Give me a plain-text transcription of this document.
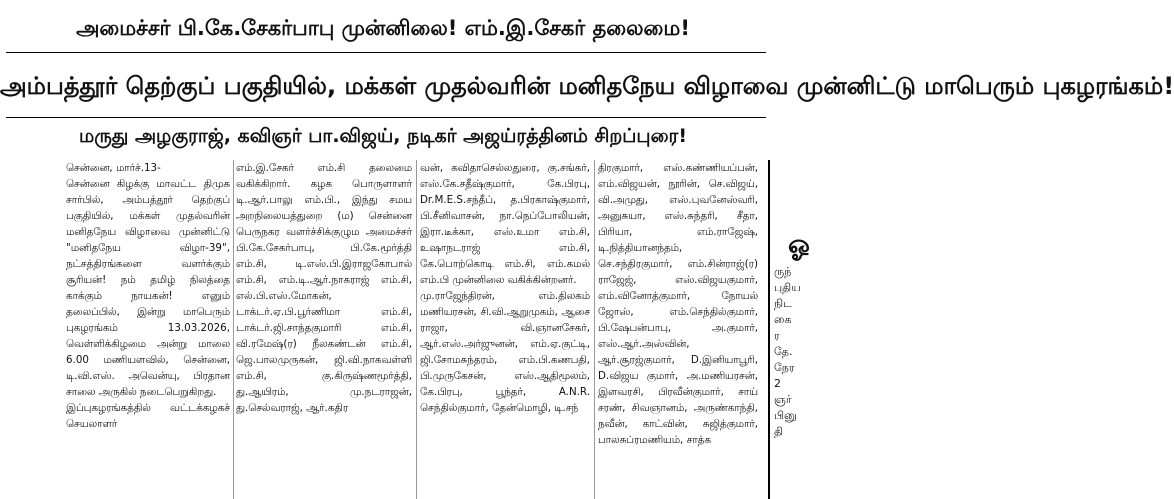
அமைச்சர் பி.கே.சேகர்பாபு முன்னிலை! எம்.இ.சேகர் தலைமை!
அம்பத்தூர் தெற்குப் பகுதியில், மக்கள் முதல்வரின் மனிதநேய விழாவை முன்னிட்டு மாபெரும் புகழரங்கம்!
மருது அழகுராஜ், கவிஞர் பா.விஜய், நடிகர் அஜய்ரத்தினம் சிறப்புரை!

சென்னை, மார்ச்.13-

சென்னை கிழக்கு மாவட்ட திமுக சார்பில், அம்பத்தூர் தெற்குப் பகுதியில், மக்கள் முதல்வரின் மனிதநேய விழாவை முன்னிட்டு "மனிதநேய விழா-39", நட்சத்திரங்களை வளர்க்கும் சூரியன்! நம் தமிழ் நிலத்தை காக்கும் நாயகன்! எனும் தலைப்பில், இன்று மாபெரும் புகழரங்கம் 13.03.2026, வெள்ளிக்கிழமை அன்று மாலை 6.00 மணியளவில், சென்னை, டி.வி.எஸ். அவென்யு, பிரதான சாலை அருகில் நடைபெறுகிறது.

இப்புகழரங்கத்தில் வட்டக்கழகச் செயலாளர்

எம்.இ.சேகர் எம்.சி தலைமை வகிக்கிறார். கழக பொருளாளர் டி.ஆர்.பாலு எம்.பி., இந்து சமய அறநிலையத்துறை (ம) சென்னை பெருநகர வளர்ச்சிக்குழும அமைச்சர் பி.கே.சேகர்பாபு, பி.கே.மூர்த்தி எம்.சி, டி.எஸ்.பி.இராஜகோபால் எம்.சி, எம்.டி.ஆர்.நாகராஜ் எம்.சி, எல்.பி.எஸ்.மோகன், டாக்டர்.ஏ.பி.பூர்ணிமா எம்.சி, டாக்டர்.ஜி.சாந்தகுமாரி எம்.சி, வி.ரமேஷ்(ர) நீலகண்டன் எம்.சி, ஜெ.பாலமுருகன், ஜி.வி.நாகவள்ளி எம்.சி, கு.கிருஷ்ணமூர்த்தி, து.ஆயிரம், மு.நடராஜன், து.செல்வராஜ், ஆர்.கதிர

வன், கவிதாசெல்லதுரை, கு.சங்கர், எஸ்.கே.சதீஷ்குமார், கே.பிரபு, Dr.M.E.S.சந்தீப், த.பிரகாஷ்குமார், பி.சீனிவாசன், நா.நெப்போலியன், இரா.டீக்கா, எஸ்.உமா எம்.சி, உஷாநடராஜ் எம்.சி, கே.பொற்கொடி எம்.சி, எம்.கமல் எம்.பி முன்னிலை வகிக்கின்றனர்.

மு.ராஜேந்திரன், எம்.திலகம் மணியரசன், சி.வி.ஆறுமுகம், ஆசை ராஜா, வி.ஞானசேகர், ஆர்.எஸ்.அர்ஜுனன், எம்.ஏ.குட்டி, ஜி.சோமசுந்தரம், எம்.பி.கணபதி, பி.முருகேசன், எஸ்.ஆதிமூலம், கே.பிரபு, பூந்தர், A.N.R. செந்தில்குமார், தேன்மொழி, டி.சந்

திரகுமார், எஸ்.கண்ணியப்பன், எம்.விஜயன், நூரின், செ.விஜய், வி.அமுது, எஸ்.புவனேஸ்வரி, அனுசுயா, எஸ்.சுந்தரி, சீதா, பிரியா, எம்.ராஜேஷ், டி.நித்தியானந்தம், செ.சந்திரகுமார், எம்.சின்ராஜ்(ர) ராஜேஜ், எஸ்.விஜயகுமார், எம்.வினோத்குமார், நோயல் ஜோஸ், எம்.செந்தில்குமார், பி.ஷேபன்பாபு, அ.குமார், எஸ்.ஆர்.அஸ்வின், ஆர்.சூரஜ்குமார், D.இனியாபூரி, D.விஜய குமார், அ.மணியரசன், இளவரசி, பிரவீன்குமார், சாய் சரண், சிவஞானம், அருண்காந்தி, நவீன், காட்வின், சுஜித்குமார், பாலசுப்ரமணியம், சாத்க

ஓ
ருந்
புதிய
நிட
கை
ர
தே.
நேர
2
ஞர்
பினு
தி
